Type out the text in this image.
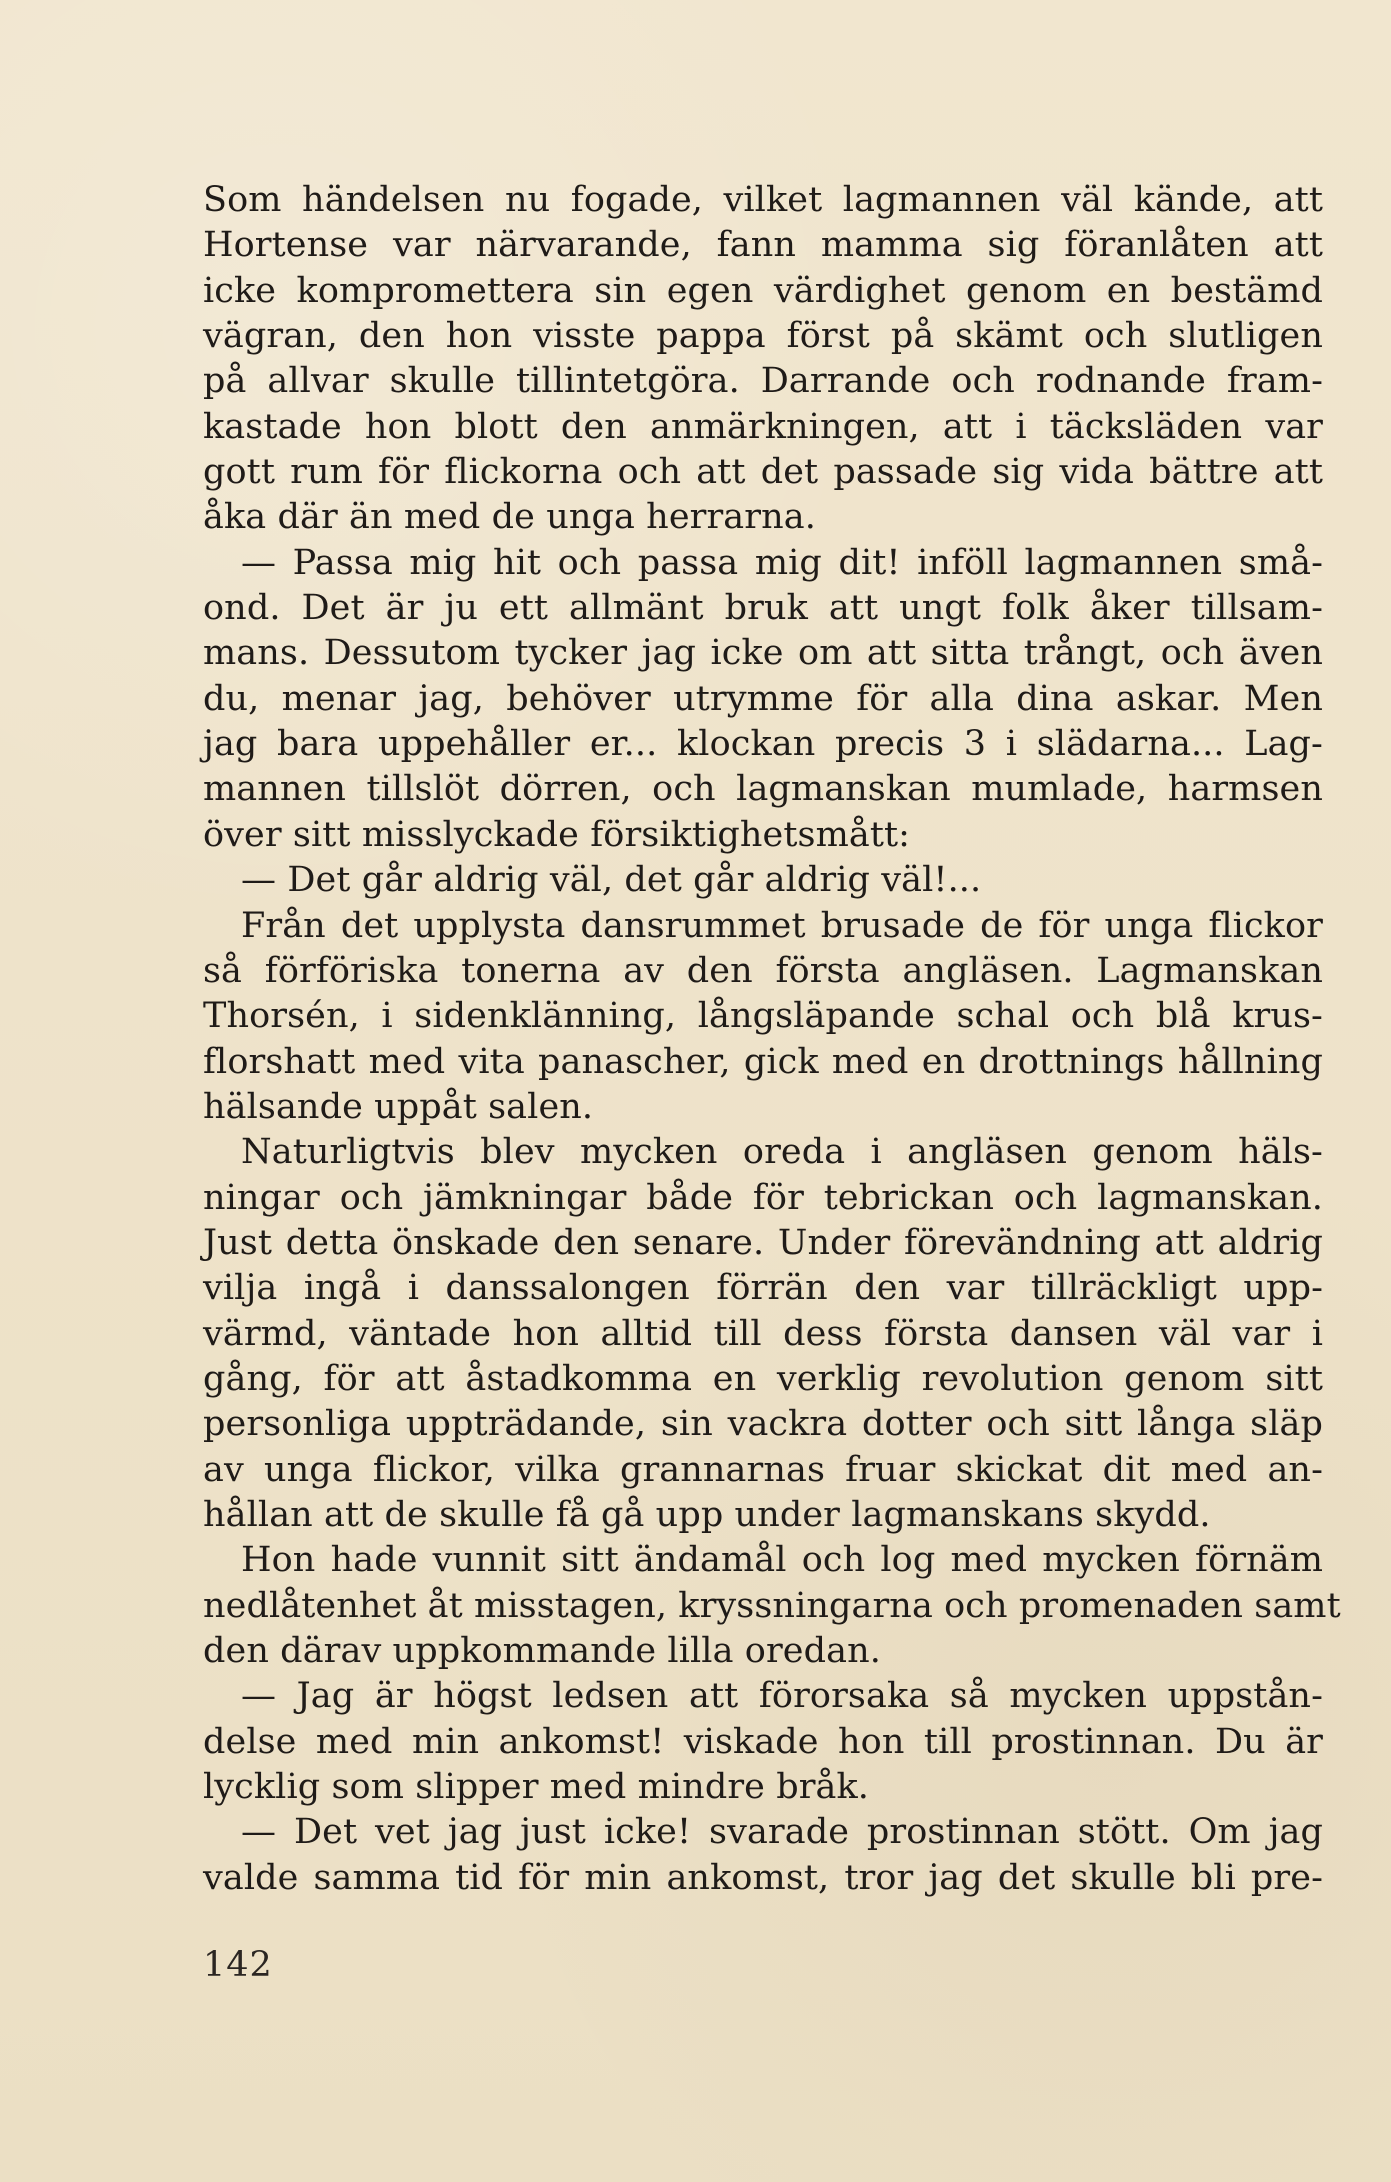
Som händelsen nu fogade, vilket lagmannen väl kände, att
Hortense var närvarande, fann mamma sig föranlåten att
icke kompromettera sin egen värdighet genom en bestämd
vägran, den hon visste pappa först på skämt och slutligen
på allvar skulle tillintetgöra. Darrande och rodnande fram-
kastade hon blott den anmärkningen, att i täcksläden var
gott rum för flickorna och att det passade sig vida bättre att
åka där än med de unga herrarna.
— Passa mig hit och passa mig dit! inföll lagmannen små-
ond. Det är ju ett allmänt bruk att ungt folk åker tillsam-
mans. Dessutom tycker jag icke om att sitta trångt, och även
du, menar jag, behöver utrymme för alla dina askar. Men
jag bara uppehåller er... klockan precis 3 i slädarna... Lag-
mannen tillslöt dörren, och lagmanskan mumlade, harmsen
över sitt misslyckade försiktighetsmått:
— Det går aldrig väl, det går aldrig väl!...
Från det upplysta dansrummet brusade de för unga flickor
så förföriska tonerna av den första angläsen. Lagmanskan
Thorsén, i sidenklänning, långsläpande schal och blå krus-
florshatt med vita panascher, gick med en drottnings hållning
hälsande uppåt salen.
Naturligtvis blev mycken oreda i angläsen genom häls-
ningar och jämkningar både för tebrickan och lagmanskan.
Just detta önskade den senare. Under förevändning att aldrig
vilja ingå i danssalongen förrän den var tillräckligt upp-
värmd, väntade hon alltid till dess första dansen väl var i
gång, för att åstadkomma en verklig revolution genom sitt
personliga uppträdande, sin vackra dotter och sitt långa släp
av unga flickor, vilka grannarnas fruar skickat dit med an-
hållan att de skulle få gå upp under lagmanskans skydd.
Hon hade vunnit sitt ändamål och log med mycken förnäm
nedlåtenhet åt misstagen, kryssningarna och promenaden samt
den därav uppkommande lilla oredan.
— Jag är högst ledsen att förorsaka så mycken uppstån-
delse med min ankomst! viskade hon till prostinnan. Du är
lycklig som slipper med mindre bråk.
— Det vet jag just icke! svarade prostinnan stött. Om jag
valde samma tid för min ankomst, tror jag det skulle bli pre-
142
